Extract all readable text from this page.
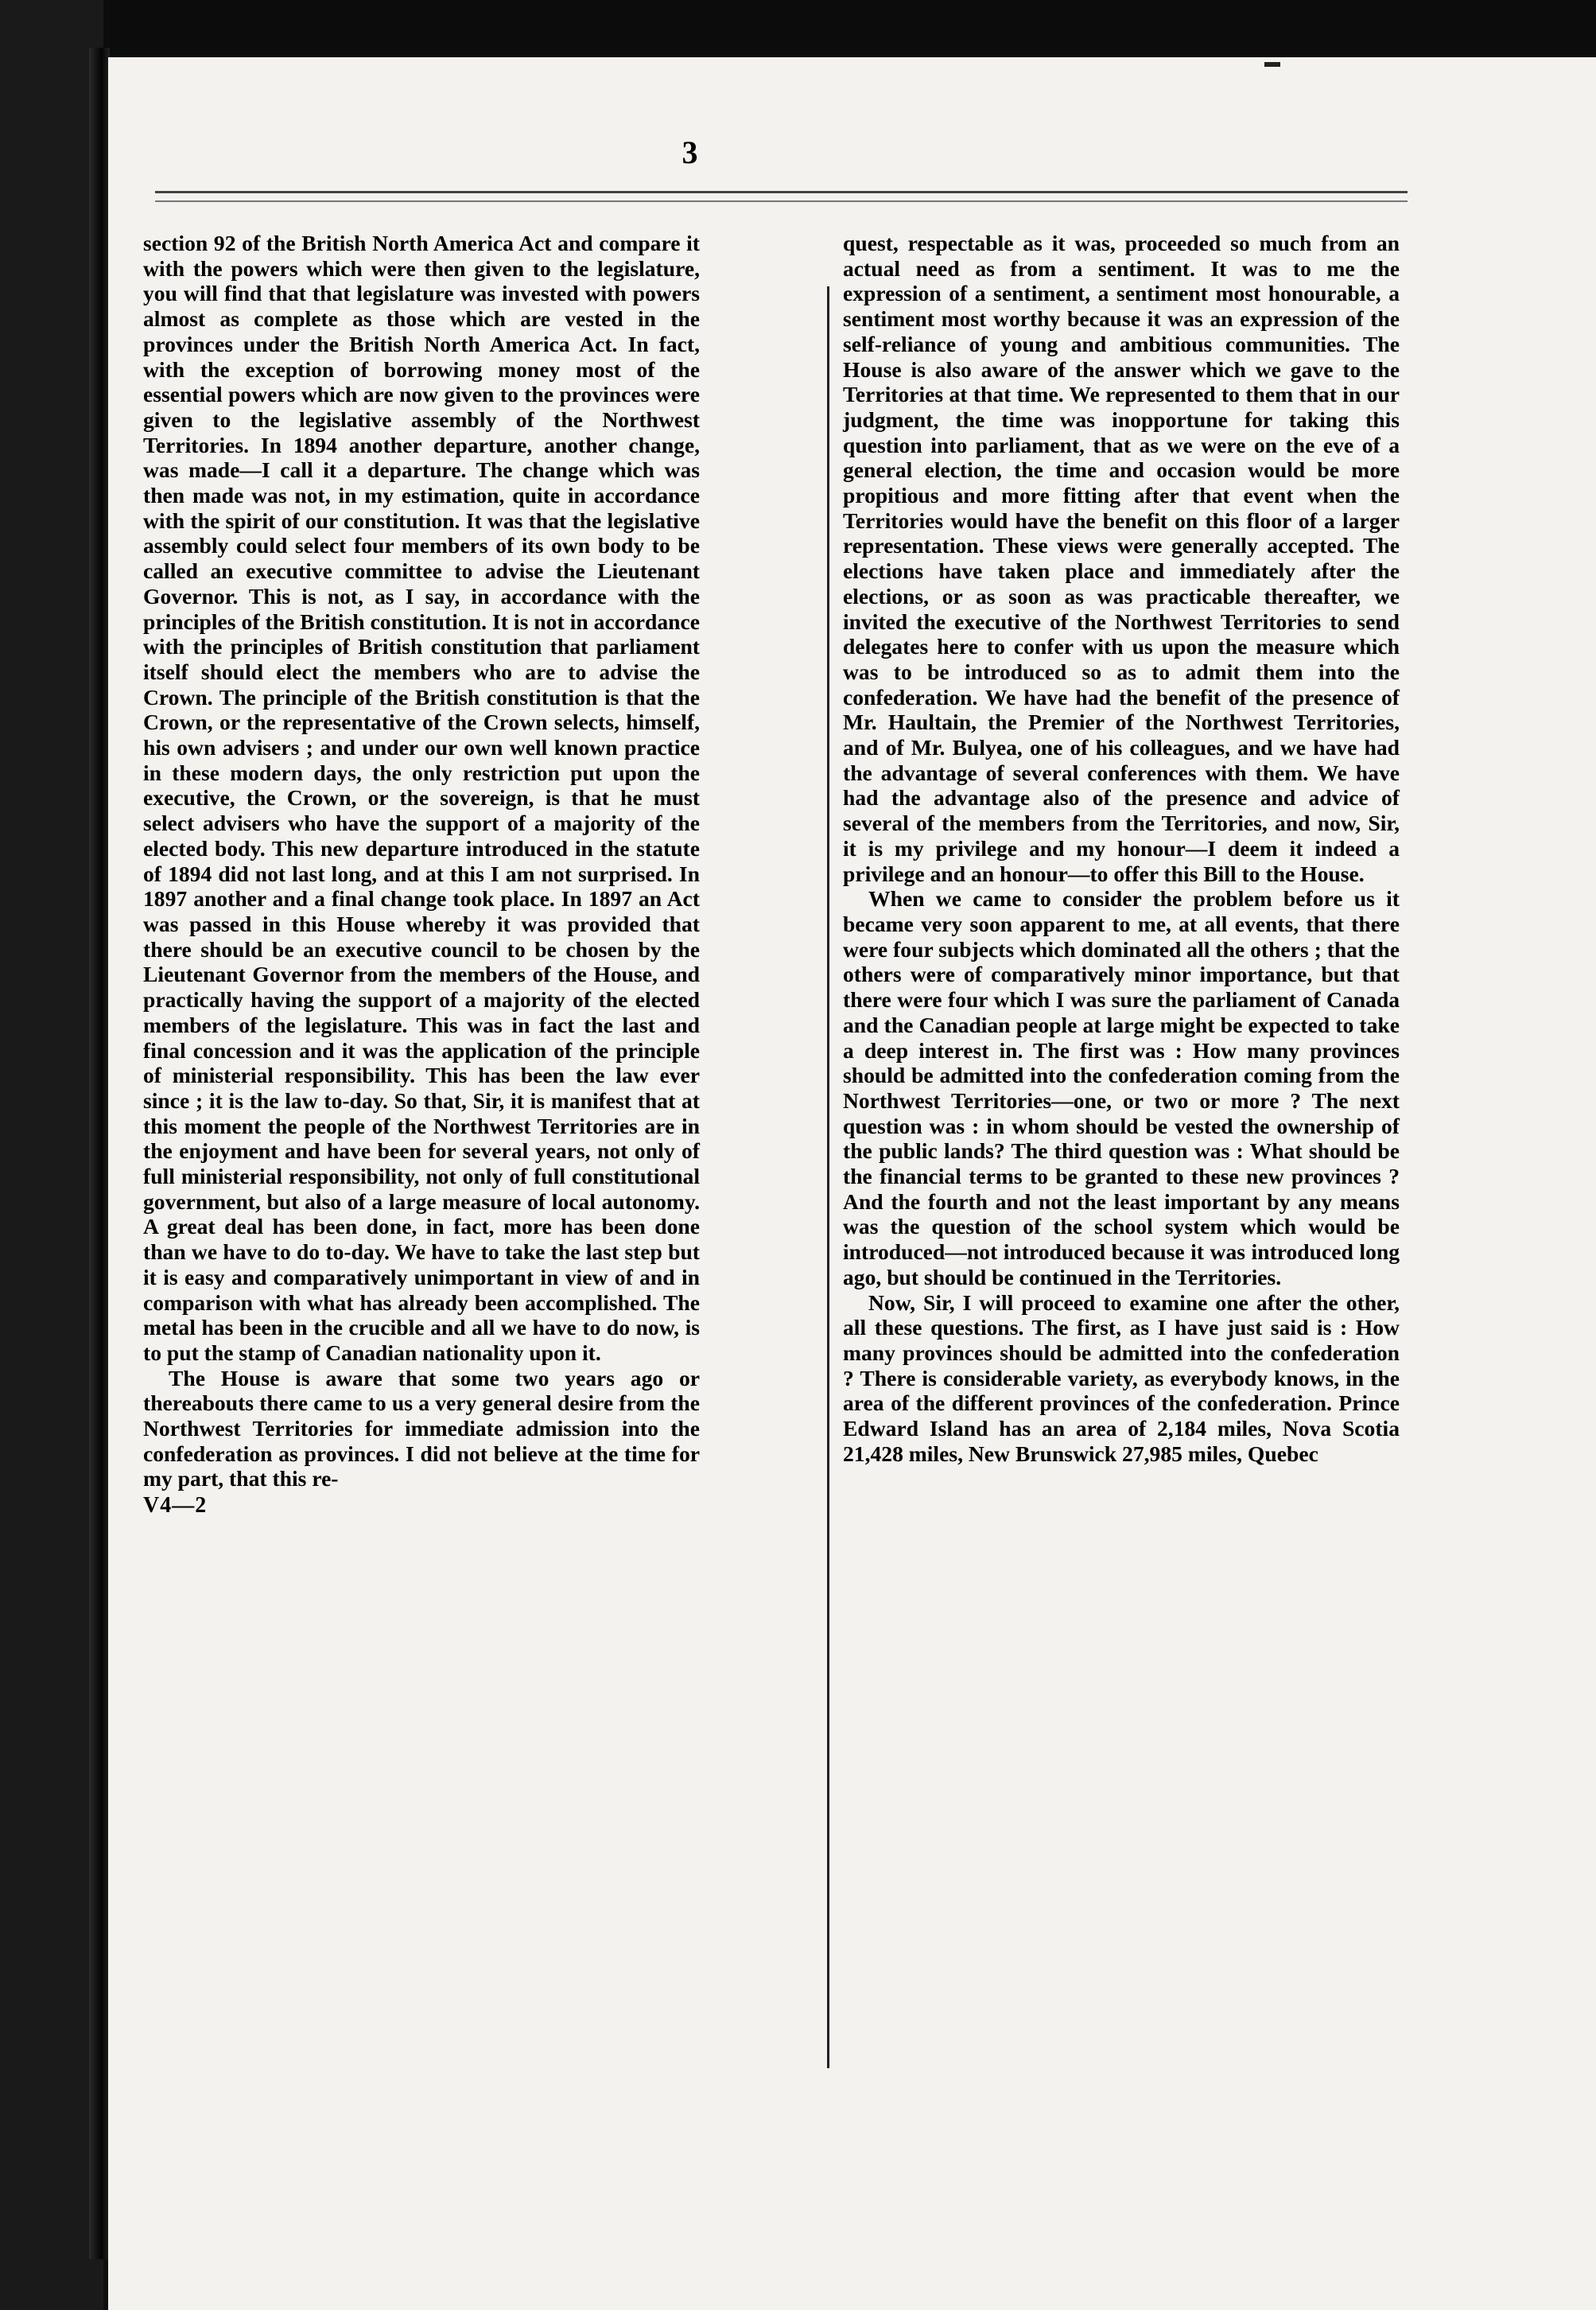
3

section 92 of the British North America Act and compare it with the powers which were then given to the legislature, you will find that that legislature was invested with powers almost as complete as those which are vested in the provinces under the British North America Act. In fact, with the exception of borrowing money most of the essential powers which are now given to the provinces were given to the legislative assembly of the Northwest Territories. In 1894 another departure, another change, was made—I call it a departure. The change which was then made was not, in my estimation, quite in accordance with the spirit of our constitution. It was that the legislative assembly could select four members of its own body to be called an executive committee to advise the Lieutenant Governor. This is not, as I say, in accordance with the principles of the British constitution. It is not in accordance with the principles of British constitution that parliament itself should elect the members who are to advise the Crown. The principle of the British constitution is that the Crown, or the representative of the Crown selects, himself, his own advisers ; and under our own well known practice in these modern days, the only restriction put upon the executive, the Crown, or the sovereign, is that he must select advisers who have the support of a majority of the elected body. This new departure introduced in the statute of 1894 did not last long, and at this I am not surprised. In 1897 another and a final change took place. In 1897 an Act was passed in this House whereby it was provided that there should be an executive council to be chosen by the Lieutenant Governor from the members of the House, and practically having the support of a majority of the elected members of the legislature. This was in fact the last and final concession and it was the application of the principle of ministerial responsibility. This has been the law ever since ; it is the law to-day. So that, Sir, it is manifest that at this moment the people of the Northwest Territories are in the enjoyment and have been for several years, not only of full ministerial responsibility, not only of full constitutional government, but also of a large measure of local autonomy. A great deal has been done, in fact, more has been done than we have to do to-day. We have to take the last step but it is easy and comparatively unimportant in view of and in comparison with what has already been accomplished. The metal has been in the crucible and all we have to do now, is to put the stamp of Canadian nationality upon it.

The House is aware that some two years ago or thereabouts there came to us a very general desire from the Northwest Territories for immediate admission into the confederation as provinces. I did not believe at the time for my part, that this re-

V4—2

quest, respectable as it was, proceeded so much from an actual need as from a sentiment. It was to me the expression of a sentiment, a sentiment most honourable, a sentiment most worthy because it was an expression of the self-reliance of young and ambitious communities. The House is also aware of the answer which we gave to the Territories at that time. We represented to them that in our judgment, the time was inopportune for taking this question into parliament, that as we were on the eve of a general election, the time and occasion would be more propitious and more fitting after that event when the Territories would have the benefit on this floor of a larger representation. These views were generally accepted. The elections have taken place and immediately after the elections, or as soon as was practicable thereafter, we invited the executive of the Northwest Territories to send delegates here to confer with us upon the measure which was to be introduced so as to admit them into the confederation. We have had the benefit of the presence of Mr. Haultain, the Premier of the Northwest Territories, and of Mr. Bulyea, one of his colleagues, and we have had the advantage of several conferences with them. We have had the advantage also of the presence and advice of several of the members from the Territories, and now, Sir, it is my privilege and my honour—I deem it indeed a privilege and an honour—to offer this Bill to the House.

When we came to consider the problem before us it became very soon apparent to me, at all events, that there were four subjects which dominated all the others ; that the others were of comparatively minor importance, but that there were four which I was sure the parliament of Canada and the Canadian people at large might be expected to take a deep interest in. The first was : How many provinces should be admitted into the confederation coming from the Northwest Territories—one, or two or more ? The next question was : in whom should be vested the ownership of the public lands? The third question was : What should be the financial terms to be granted to these new provinces ? And the fourth and not the least important by any means was the question of the school system which would be introduced—not introduced because it was introduced long ago, but should be continued in the Territories.

Now, Sir, I will proceed to examine one after the other, all these questions. The first, as I have just said is : How many provinces should be admitted into the confederation ? There is considerable variety, as everybody knows, in the area of the different provinces of the confederation. Prince Edward Island has an area of 2,184 miles, Nova Scotia 21,428 miles, New Brunswick 27,985 miles, Quebec
